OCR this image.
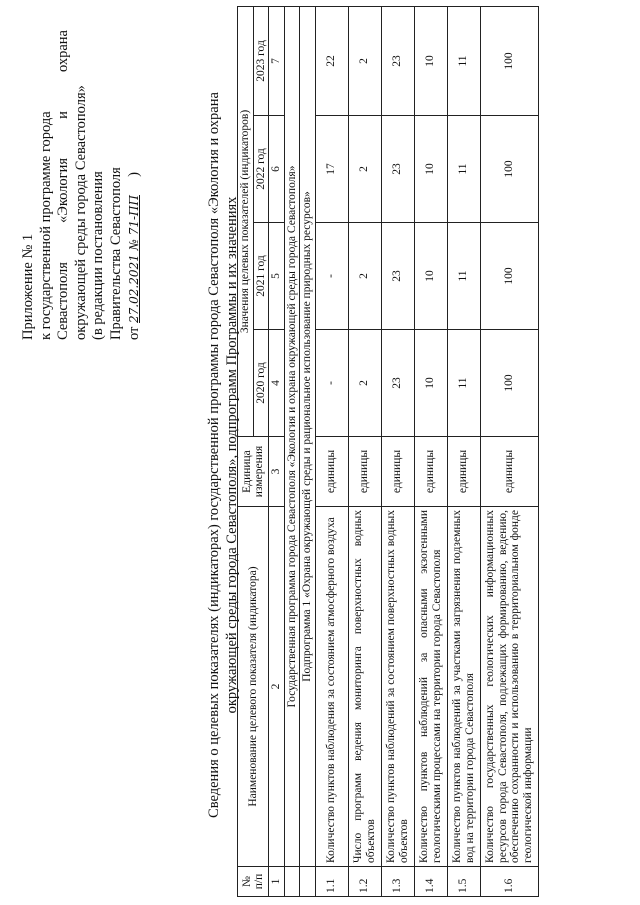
Приложение № 1 к государственной программе города Севастополя
«Экология
и
охрана
окружающей среды города Севастополя» (в редакции постановления Правительства Севастополя от 27.02.2021 № 71-ПП     )	Сведения о целевых показателях (индикаторах) государственной программы города Севастополя «Экология и охрана окружающей среды города Севастополя», подпрограмм Программы и их значениях
№ п/п	Наименование целевого показателя (индикатора)	Единица измерения	Значения целевых показателей (индикаторов)			
			2020 год	2021 год	2022 год	2023 год
1	2	3	4	5	6	7
	Государственная программа города Севастополя «Экология и охрана окружающей среды города Севастополя»					
	Подпрограмма 1 «Охрана окружающей среды и рациональное использование природных ресурсов»					
1.1	Количество пунктов наблюдения за состоянием атмосферного воздуха	единицы	-	-	17	22
1.2	Число программ ведения мониторинга поверхностных водных объектов	единицы	2	2	2	2
1.3	Количество пунктов наблюдений за состоянием поверхностных водных объектов	единицы	23	23	23	23
1.4	Количество пунктов наблюдений за опасными экзогенными геологическими процессами на территории города Севастополя	единицы	10	10	10	10
1.5	Количество пунктов наблюдений за участками загрязнения подземных вод на территории города Севастополя	единицы	11	11	11	11
1.6	Количество государственных геологических информационных ресурсов города Севастополя, подлежащих формированию, ведению, обеспечению сохранности и использованию в территориальном фонде геологической информации	единицы	100	100	100	100
